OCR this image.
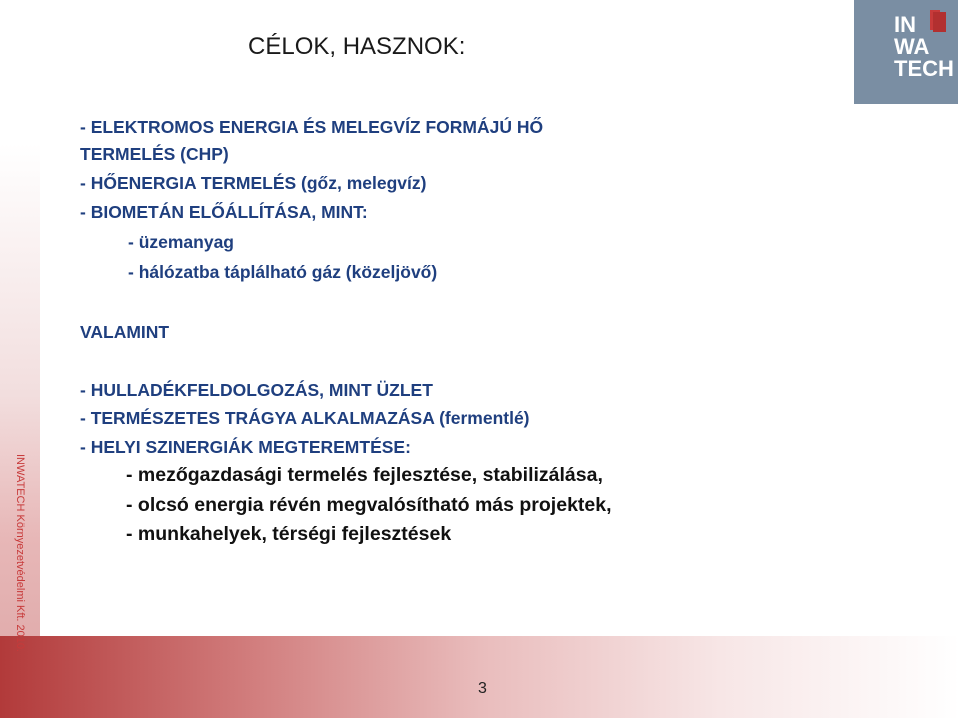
INWATECH Környezetvédelmi Kft. 2010.
IN
WA
TECH
CÉLOK, HASZNOK:
- ELEKTROMOS ENERGIA ÉS MELEGVÍZ FORMÁJÚ HŐ
TERMELÉS (CHP)
- HŐENERGIA TERMELÉS (gőz, melegvíz)
- BIOMETÁN ELŐÁLLÍTÁSA, MINT:
- üzemanyag
- hálózatba táplálható gáz (közeljövő)
VALAMINT
- HULLADÉKFELDOLGOZÁS, MINT ÜZLET
- TERMÉSZETES TRÁGYA ALKALMAZÁSA (fermentlé)
- HELYI SZINERGIÁK MEGTEREMTÉSE:
- mezőgazdasági termelés fejlesztése, stabilizálása,
- olcsó energia révén megvalósítható más projektek,
- munkahelyek, térségi fejlesztések
3
